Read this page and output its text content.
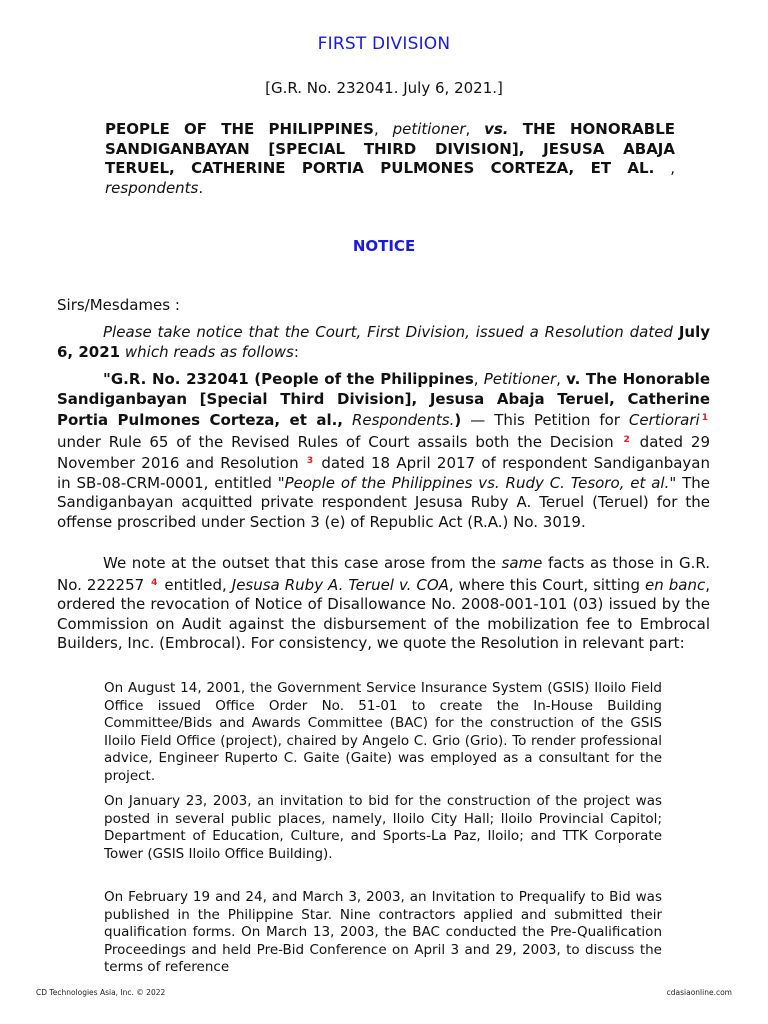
FIRST DIVISION
[G.R. No. 232041. July 6, 2021.]
PEOPLE OF THE PHILIPPINES, petitioner, vs. THE HONORABLE SANDIGANBAYAN [SPECIAL THIRD DIVISION], JESUSA ABAJA TERUEL, CATHERINE PORTIA PULMONES CORTEZA, ET AL. , respondents.
NOTICE
Sirs/Mesdames :
Please take notice that the Court, First Division, issued a Resolution dated July 6, 2021 which reads as follows:
"G.R. No. 232041 (People of the Philippines, Petitioner, v. The Honorable Sandiganbayan [Special Third Division], Jesusa Abaja Teruel, Catherine Portia Pulmones Corteza, et al., Respondents.) — This Petition for Certiorari $^1$ under Rule 65 of the Revised Rules of Court assails both the Decision $^2$ dated 29 November 2016 and Resolution $^3$ dated 18 April 2017 of respondent Sandiganbayan in SB-08-CRM-0001, entitled "People of the Philippines vs. Rudy C. Tesoro, et al." The Sandiganbayan acquitted private respondent Jesusa Ruby A. Teruel (Teruel) for the offense proscribed under Section 3 (e) of Republic Act (R.A.) No. 3019.
We note at the outset that this case arose from the same facts as those in G.R. No. 222257 $^4$ entitled, Jesusa Ruby A. Teruel v. COA, where this Court, sitting en banc, ordered the revocation of Notice of Disallowance No. 2008-001-101 (03) issued by the Commission on Audit against the disbursement of the mobilization fee to Embrocal Builders, Inc. (Embrocal). For consistency, we quote the Resolution in relevant part:
On August 14, 2001, the Government Service Insurance System (GSIS) Iloilo Field Office issued Office Order No. 51-01 to create the In-House Building Committee/Bids and Awards Committee (BAC) for the construction of the GSIS Iloilo Field Office (project), chaired by Angelo C. Grio (Grio). To render professional advice, Engineer Ruperto C. Gaite (Gaite) was employed as a consultant for the project.
On January 23, 2003, an invitation to bid for the construction of the project was posted in several public places, namely, Iloilo City Hall; Iloilo Provincial Capitol; Department of Education, Culture, and Sports-La Paz, Iloilo; and TTK Corporate Tower (GSIS Iloilo Office Building).
On February 19 and 24, and March 3, 2003, an Invitation to Prequalify to Bid was published in the Philippine Star. Nine contractors applied and submitted their qualification forms. On March 13, 2003, the BAC conducted the Pre-Qualification Proceedings and held Pre-Bid Conference on April 3 and 29, 2003, to discuss the terms of reference
CD Technologies Asia, Inc. © 2022	cdasiaonline.com
